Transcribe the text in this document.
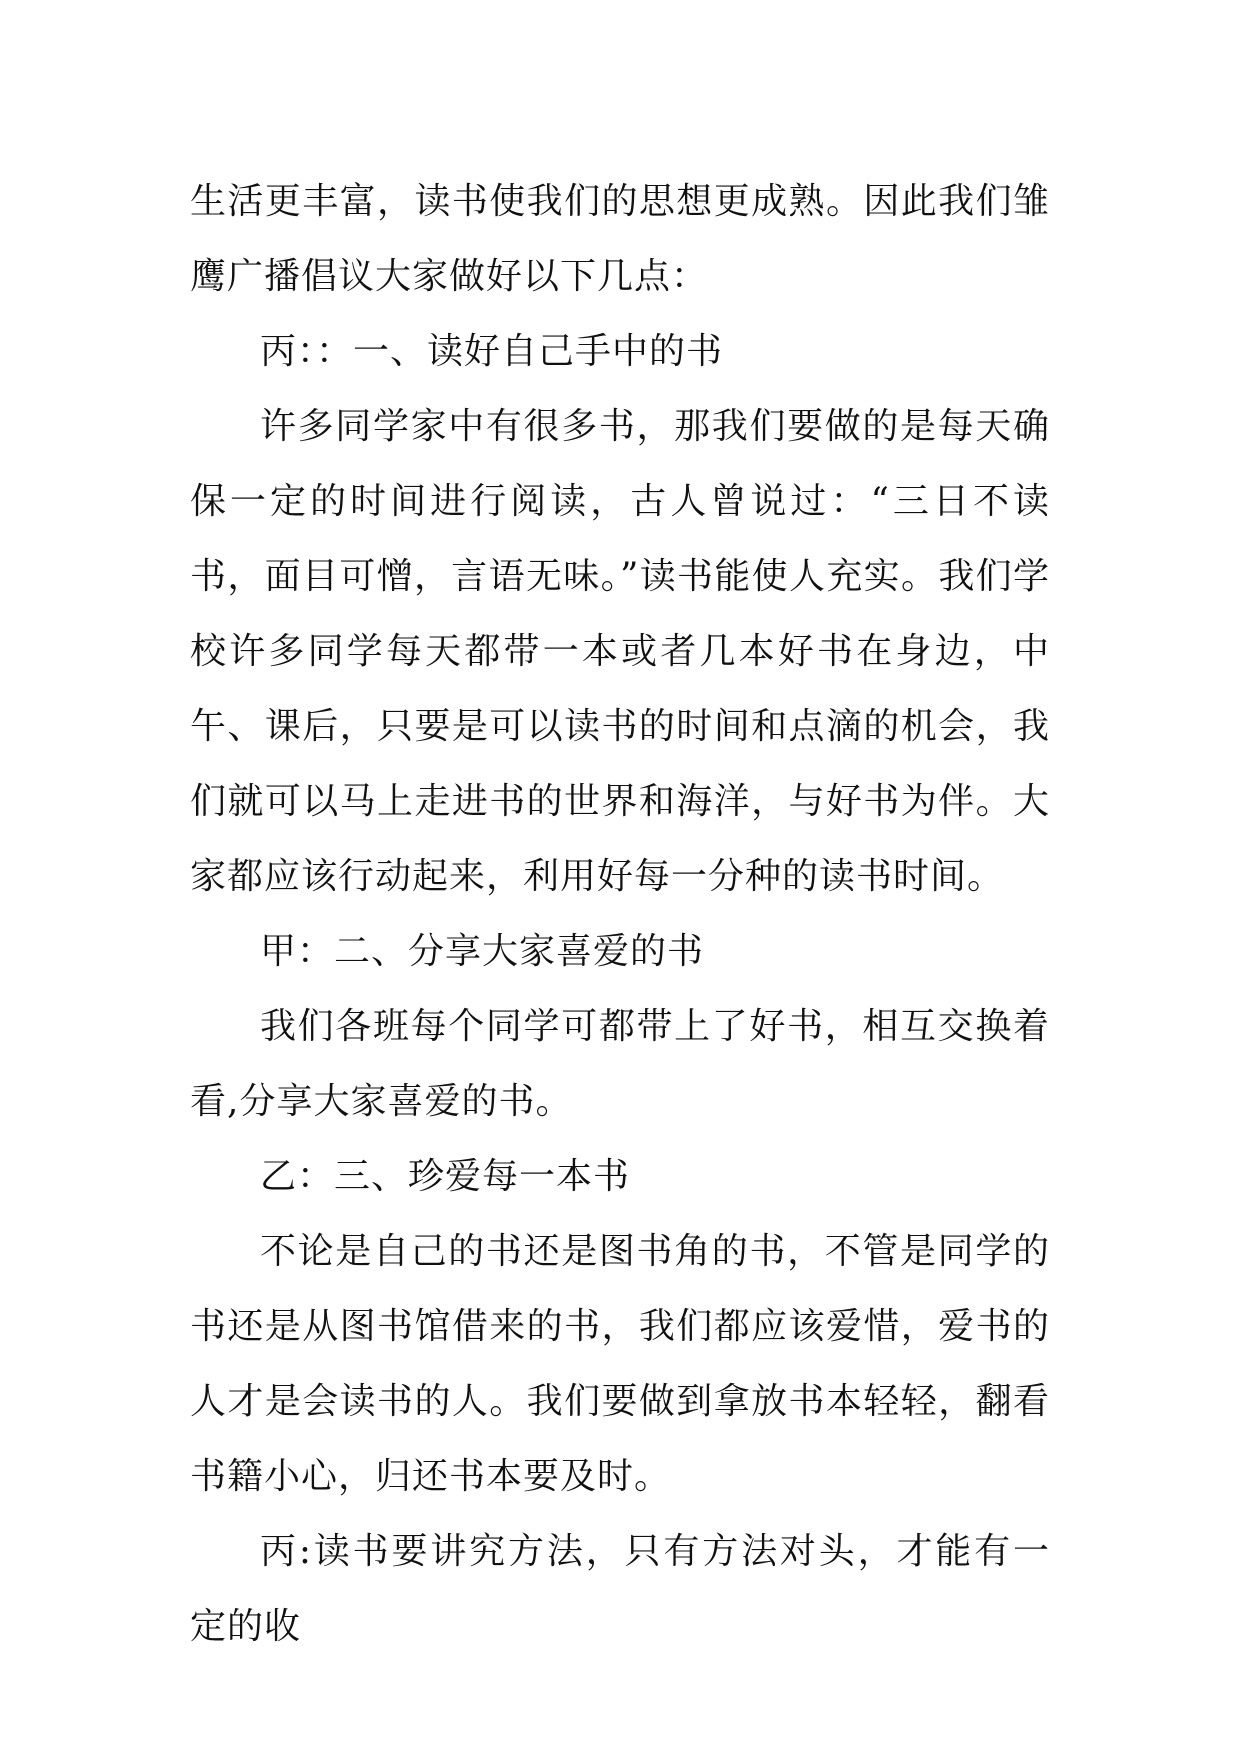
生活更丰富，读书使我们的思想更成熟。因此我们雏鹰广播倡议大家做好以下几点：

丙：：一、读好自己手中的书

许多同学家中有很多书，那我们要做的是每天确保一定的时间进行阅读，古人曾说过：“三日不读书，面目可憎，言语无味。”读书能使人充实。我们学校许多同学每天都带一本或者几本好书在身边，中午、课后，只要是可以读书的时间和点滴的机会，我们就可以马上走进书的世界和海洋，与好书为伴。大家都应该行动起来，利用好每一分种的读书时间。

甲：二、分享大家喜爱的书

我们各班每个同学可都带上了好书，相互交换着看,分享大家喜爱的书。

乙：三、珍爱每一本书

不论是自己的书还是图书角的书，不管是同学的书还是从图书馆借来的书，我们都应该爱惜，爱书的人才是会读书的人。我们要做到拿放书本轻轻，翻看书籍小心，归还书本要及时。

丙:读书要讲究方法，只有方法对头，才能有一定的收
